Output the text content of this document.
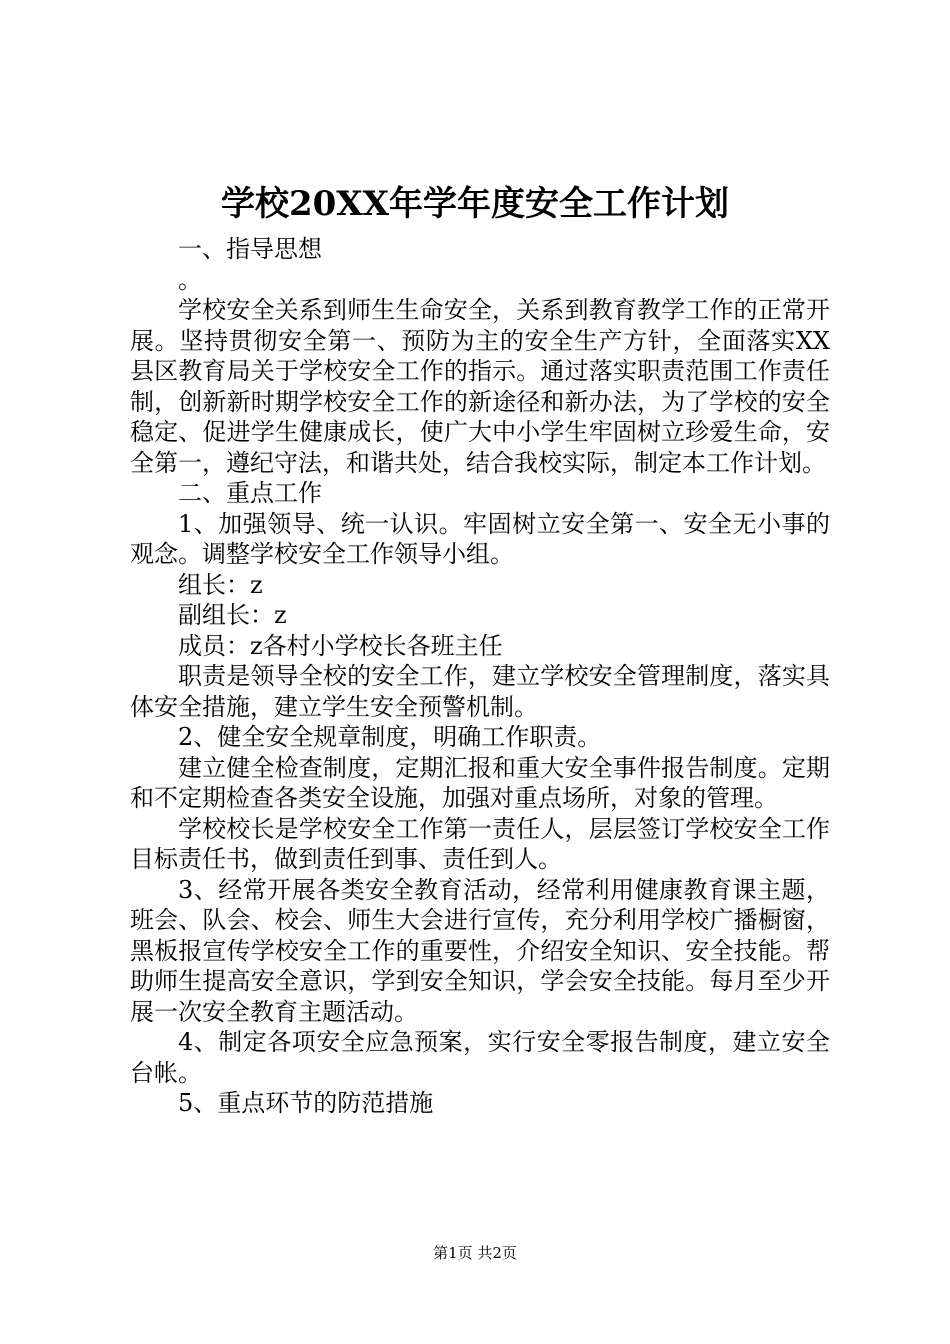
学校20XX年学年度安全工作计划

一、指导思想

。

学校安全关系到师生生命安全，关系到教育教学工作的正常开展。坚持贯彻安全第一、预防为主的安全生产方针，全面落实XX县区教育局关于学校安全工作的指示。通过落实职责范围工作责任制，创新新时期学校安全工作的新途径和新办法，为了学校的安全稳定、促进学生健康成长，使广大中小学生牢固树立珍爱生命，安全第一，遵纪守法，和谐共处，结合我校实际，制定本工作计划。

二、重点工作

1、加强领导、统一认识。牢固树立安全第一、安全无小事的观念。调整学校安全工作领导小组。

组长：z

副组长：z

成员：z各村小学校长各班主任

职责是领导全校的安全工作，建立学校安全管理制度，落实具体安全措施，建立学生安全预警机制。

2、健全安全规章制度，明确工作职责。

建立健全检查制度，定期汇报和重大安全事件报告制度。定期和不定期检查各类安全设施，加强对重点场所，对象的管理。

学校校长是学校安全工作第一责任人，层层签订学校安全工作目标责任书，做到责任到事、责任到人。

3、经常开展各类安全教育活动，经常利用健康教育课主题，班会、队会、校会、师生大会进行宣传，充分利用学校广播橱窗，黑板报宣传学校安全工作的重要性，介绍安全知识、安全技能。帮助师生提高安全意识，学到安全知识，学会安全技能。每月至少开展一次安全教育主题活动。

4、制定各项安全应急预案，实行安全零报告制度，建立安全台帐。

5、重点环节的防范措施

第1页 共2页
